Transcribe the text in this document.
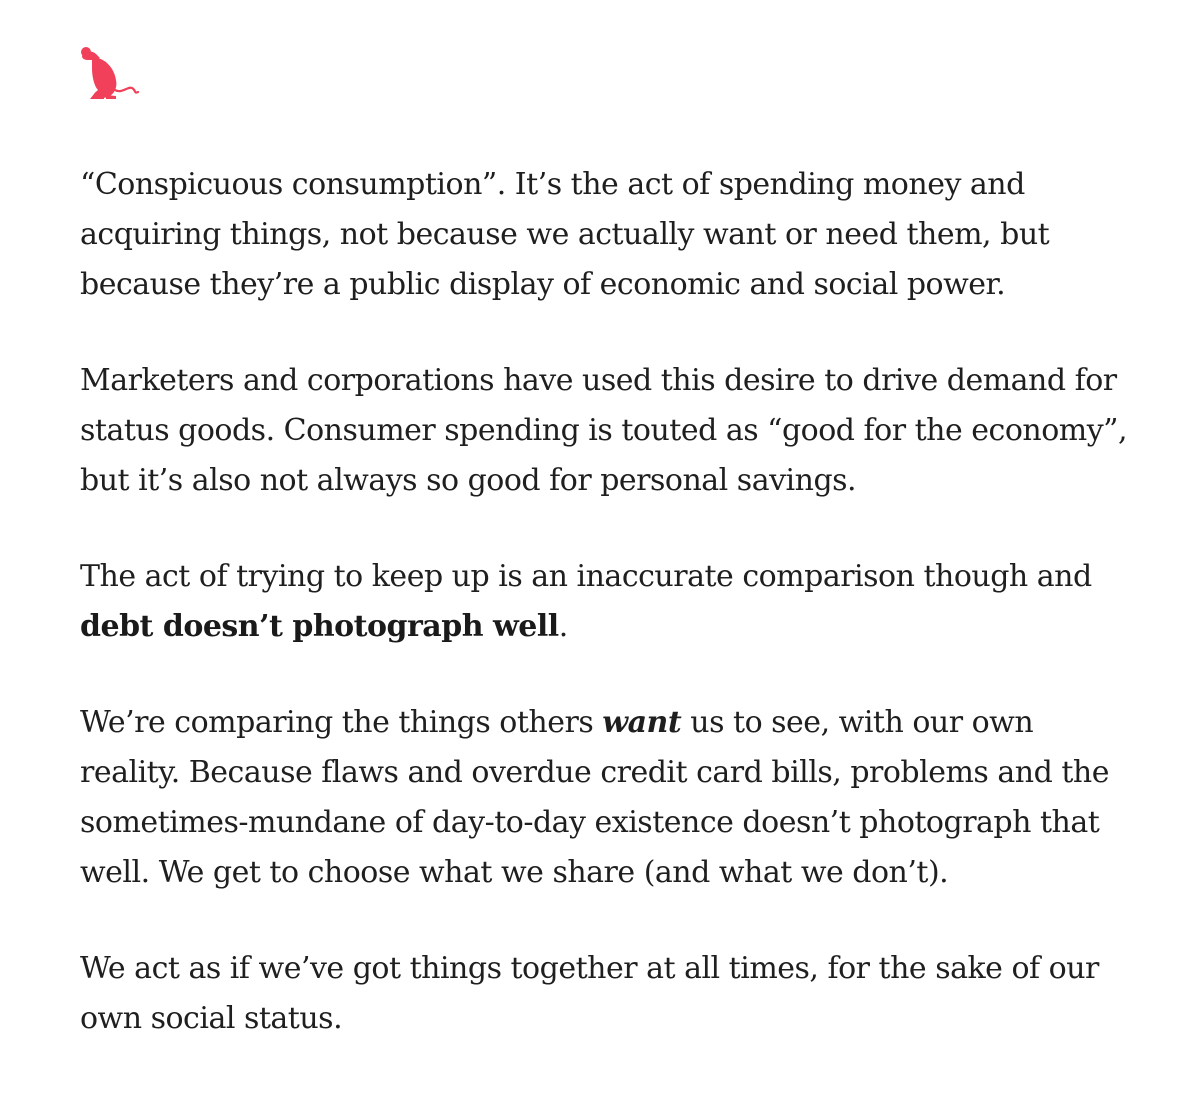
“Conspicuous consumption”. It’s the act of spending money and acquiring things, not because we actually want or need them, but because they’re a public display of economic and social power.

Marketers and corporations have used this desire to drive demand for status goods. Consumer spending is touted as “good for the economy”, but it’s also not always so good for personal savings.

The act of trying to keep up is an inaccurate comparison though and debt doesn’t photograph well.

We’re comparing the things others want us to see, with our own reality. Because flaws and overdue credit card bills, problems and the sometimes-mundane of day-to-day existence doesn’t photograph that well. We get to choose what we share (and what we don’t).

We act as if we’ve got things together at all times, for the sake of our own social status.
